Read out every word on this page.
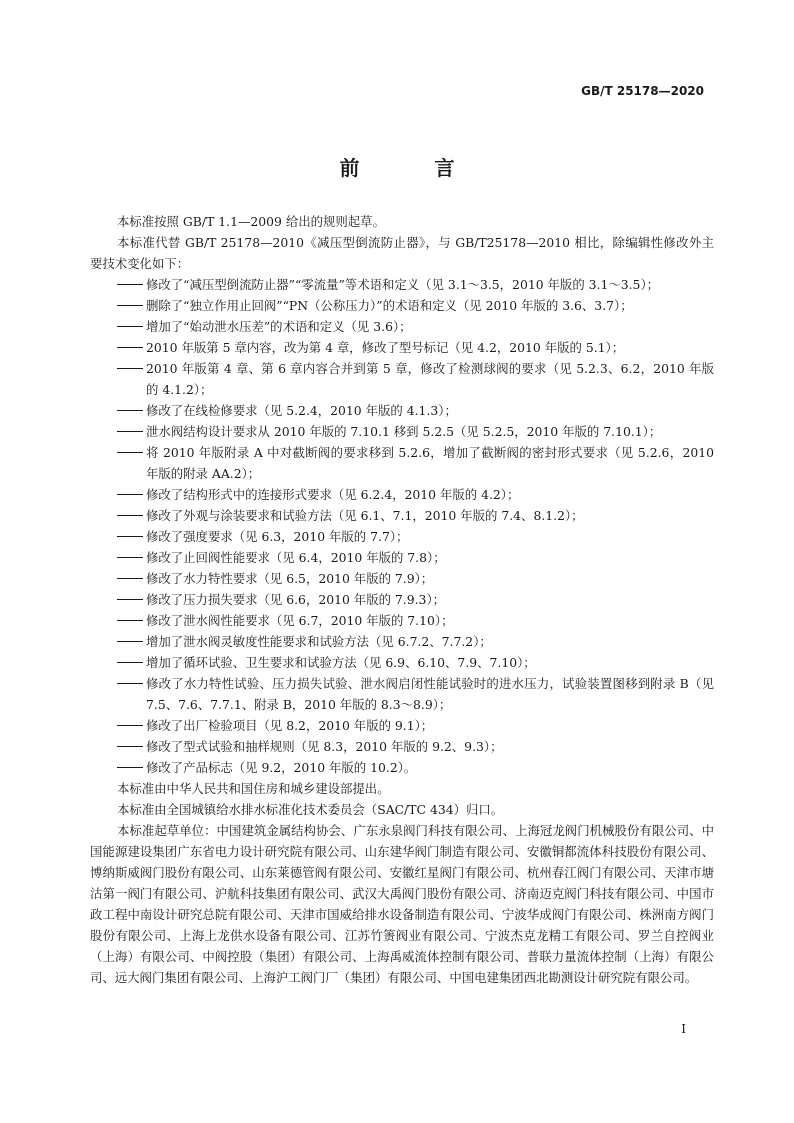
GB/T 25178—2020
前 言
本标准按照 GB/T 1.1—2009 给出的规则起草。
本标准代替 GB/T 25178—2010《减压型倒流防止器》，与 GB/T25178—2010 相比，除编辑性修改外主要技术变化如下：
修改了“减压型倒流防止器”“零流量”等术语和定义（见 3.1～3.5，2010 年版的 3.1～3.5）；
删除了“独立作用止回阀”“PN（公称压力）”的术语和定义（见 2010 年版的 3.6、3.7）；
增加了“始动泄水压差”的术语和定义（见 3.6）；
2010 年版第 5 章内容，改为第 4 章，修改了型号标记（见 4.2，2010 年版的 5.1）；
2010 年版第 4 章、第 6 章内容合并到第 5 章，修改了检测球阀的要求（见 5.2.3、6.2，2010 年版的 4.1.2）；
修改了在线检修要求（见 5.2.4，2010 年版的 4.1.3）；
泄水阀结构设计要求从 2010 年版的 7.10.1 移到 5.2.5（见 5.2.5，2010 年版的 7.10.1）；
将 2010 年版附录 A 中对截断阀的要求移到 5.2.6，增加了截断阀的密封形式要求（见 5.2.6，2010 年版的附录 AA.2）；
修改了结构形式中的连接形式要求（见 6.2.4，2010 年版的 4.2）；
修改了外观与涂装要求和试验方法（见 6.1、7.1，2010 年版的 7.4、8.1.2）；
修改了强度要求（见 6.3，2010 年版的 7.7）；
修改了止回阀性能要求（见 6.4，2010 年版的 7.8）；
修改了水力特性要求（见 6.5，2010 年版的 7.9）；
修改了压力损失要求（见 6.6，2010 年版的 7.9.3）；
修改了泄水阀性能要求（见 6.7，2010 年版的 7.10）；
增加了泄水阀灵敏度性能要求和试验方法（见 6.7.2、7.7.2）；
增加了循环试验、卫生要求和试验方法（见 6.9、6.10、7.9、7.10）；
修改了水力特性试验、压力损失试验、泄水阀启闭性能试验时的进水压力，试验装置图移到附录 B（见 7.5、7.6、7.7.1、附录 B，2010 年版的 8.3～8.9）；
修改了出厂检验项目（见 8.2，2010 年版的 9.1）；
修改了型式试验和抽样规则（见 8.3，2010 年版的 9.2、9.3）；
修改了产品标志（见 9.2，2010 年版的 10.2）。
本标准由中华人民共和国住房和城乡建设部提出。
本标准由全国城镇给水排水标准化技术委员会（SAC/TC 434）归口。
本标准起草单位：中国建筑金属结构协会、广东永泉阀门科技有限公司、上海冠龙阀门机械股份有限公司、中国能源建设集团广东省电力设计研究院有限公司、山东建华阀门制造有限公司、安徽铜都流体科技股份有限公司、博纳斯威阀门股份有限公司、山东莱德管阀有限公司、安徽红星阀门有限公司、杭州春江阀门有限公司、天津市塘沽第一阀门有限公司、沪航科技集团有限公司、武汉大禹阀门股份有限公司、济南迈克阀门科技有限公司、中国市政工程中南设计研究总院有限公司、天津市国威给排水设备制造有限公司、宁波华成阀门有限公司、株洲南方阀门股份有限公司、上海上龙供水设备有限公司、江苏竹箦阀业有限公司、宁波杰克龙精工有限公司、罗兰自控阀业（上海）有限公司、中阀控股（集团）有限公司、上海禹威流体控制有限公司、普联力量流体控制（上海）有限公司、远大阀门集团有限公司、上海沪工阀门厂（集团）有限公司、中国电建集团西北勘测设计研究院有限公司。
I
